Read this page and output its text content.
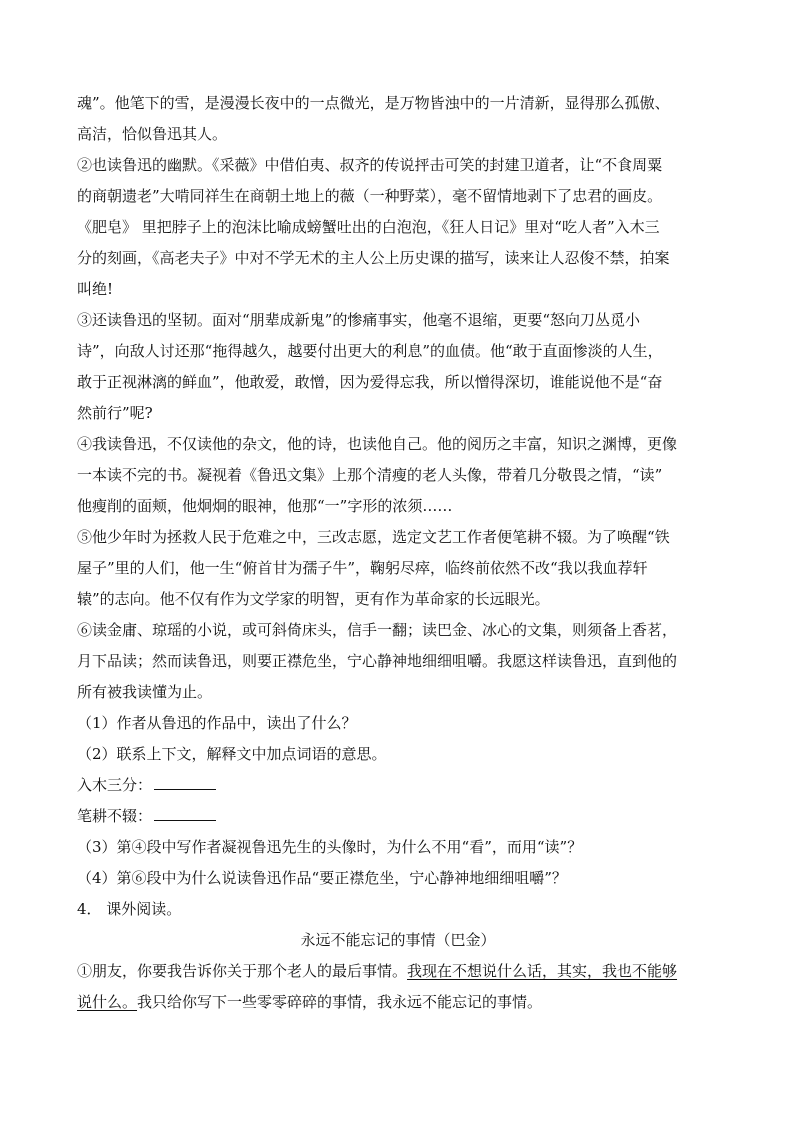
魂”。他笔下的雪，是漫漫长夜中的一点微光，是万物皆浊中的一片清新，显得那么孤傲、
高洁，恰似鲁迅其人。
②也读鲁迅的幽默。《采薇》中借伯夷、叔齐的传说抨击可笑的封建卫道者，让“不食周粟
的商朝遗老”大啃同祥生在商朝土地上的薇（一种野菜），毫不留情地剥下了忠君的画皮。
《肥皂》 里把脖子上的泡沫比喻成螃蟹吐出的白泡泡，《狂人日记》里对“吃人者”入木三
分的刻画，《高老夫子》中对不学无术的主人公上历史课的描写，读来让人忍俊不禁，拍案
叫绝!
③还读鲁迅的坚韧。面对“朋辈成新鬼”的惨痛事实，他毫不退缩，更要“怒向刀丛觅小
诗”，向敌人讨还那“拖得越久，越要付出更大的利息”的血债。他“敢于直面惨淡的人生，
敢于正视淋漓的鲜血”，他敢爱，敢憎，因为爱得忘我，所以憎得深切，谁能说他不是“奋
然前行”呢?
④我读鲁迅，不仅读他的杂文，他的诗，也读他自己。他的阅历之丰富，知识之渊博，更像
一本读不完的书。凝视着《鲁迅文集》上那个清瘦的老人头像，带着几分敬畏之情，“读”
他瘦削的面颊，他炯炯的眼神，他那“一”字形的浓须……
⑤他少年时为拯救人民于危难之中，三改志愿，选定文艺工作者便笔耕不辍。为了唤醒“铁
屋子”里的人们，他一生“俯首甘为孺子牛”，鞠躬尽瘁，临终前依然不改“我以我血荐轩
辕”的志向。他不仅有作为文学家的明智，更有作为革命家的长远眼光。
⑥读金庸、琼瑶的小说，或可斜倚床头，信手一翻；读巴金、冰心的文集，则须备上香茗，
月下品读；然而读鲁迅，则要正襟危坐，宁心静神地细细咀嚼。我愿这样读鲁迅，直到他的
所有被我读懂为止。
（1）作者从鲁迅的作品中，读出了什么？
（2）联系上下文，解释文中加点词语的意思。
入木三分：
笔耕不辍：
（3）第④段中写作者凝视鲁迅先生的头像时，为什么不用“看”，而用“读”？
（4）第⑥段中为什么说读鲁迅作品“要正襟危坐，宁心静神地细细咀嚼”？
4． 课外阅读。
永远不能忘记的事情（巴金）
①朋友，你要我告诉你关于那个老人的最后事情。我现在不想说什么话，其实，我也不能够
说什么。我只给你写下一些零零碎碎的事情，我永远不能忘记的事情。
